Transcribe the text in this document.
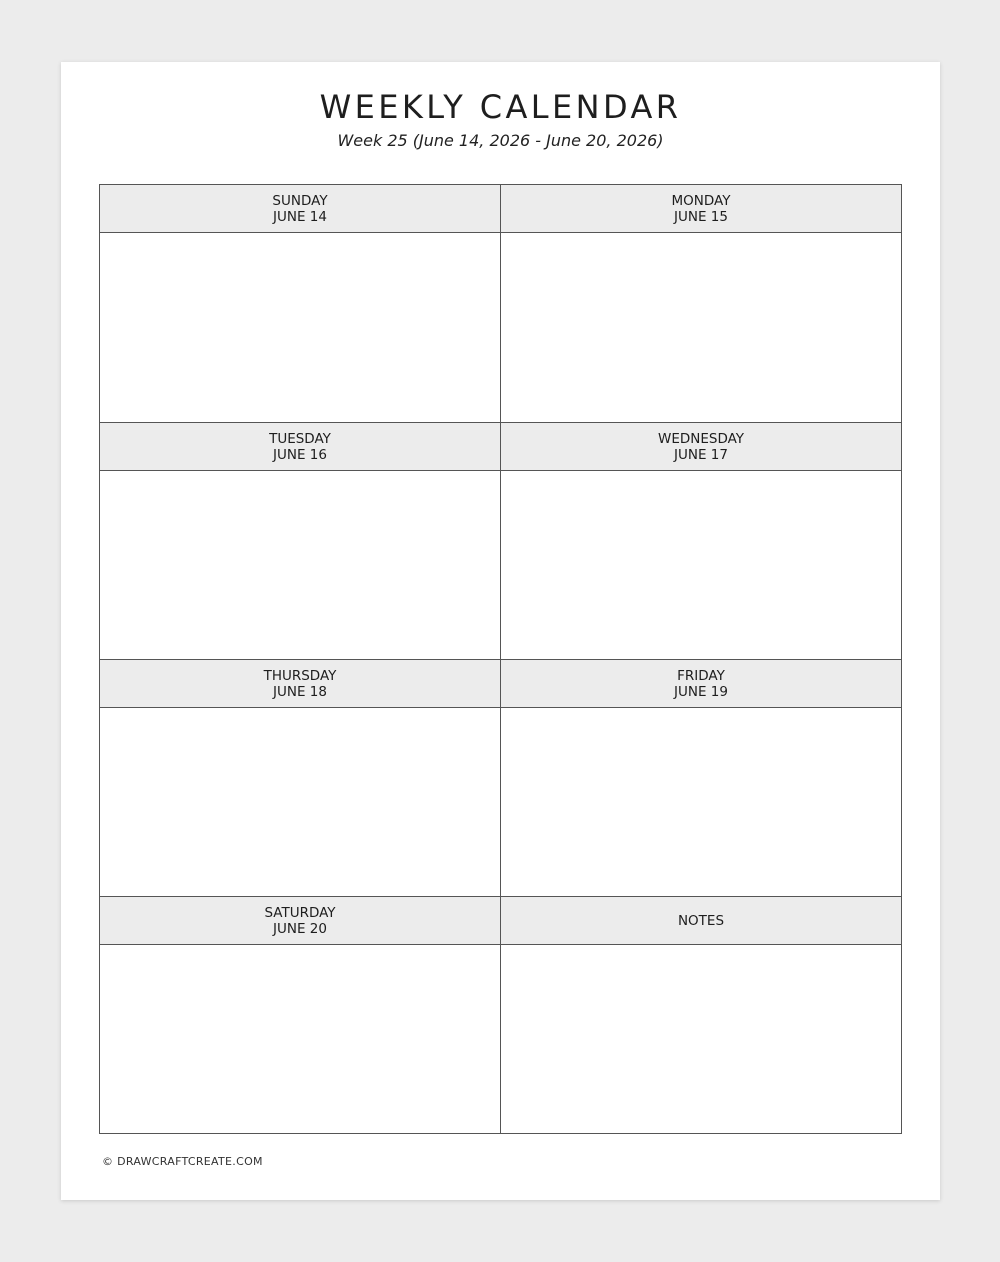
WEEKLY CALENDAR
Week 25 (June 14, 2026 - June 20, 2026)
SUNDAY
JUNE 14
MONDAY
JUNE 15
TUESDAY
JUNE 16
WEDNESDAY
JUNE 17
THURSDAY
JUNE 18
FRIDAY
JUNE 19
SATURDAY
JUNE 20	NOTES
© DRAWCRAFTCREATE.COM
